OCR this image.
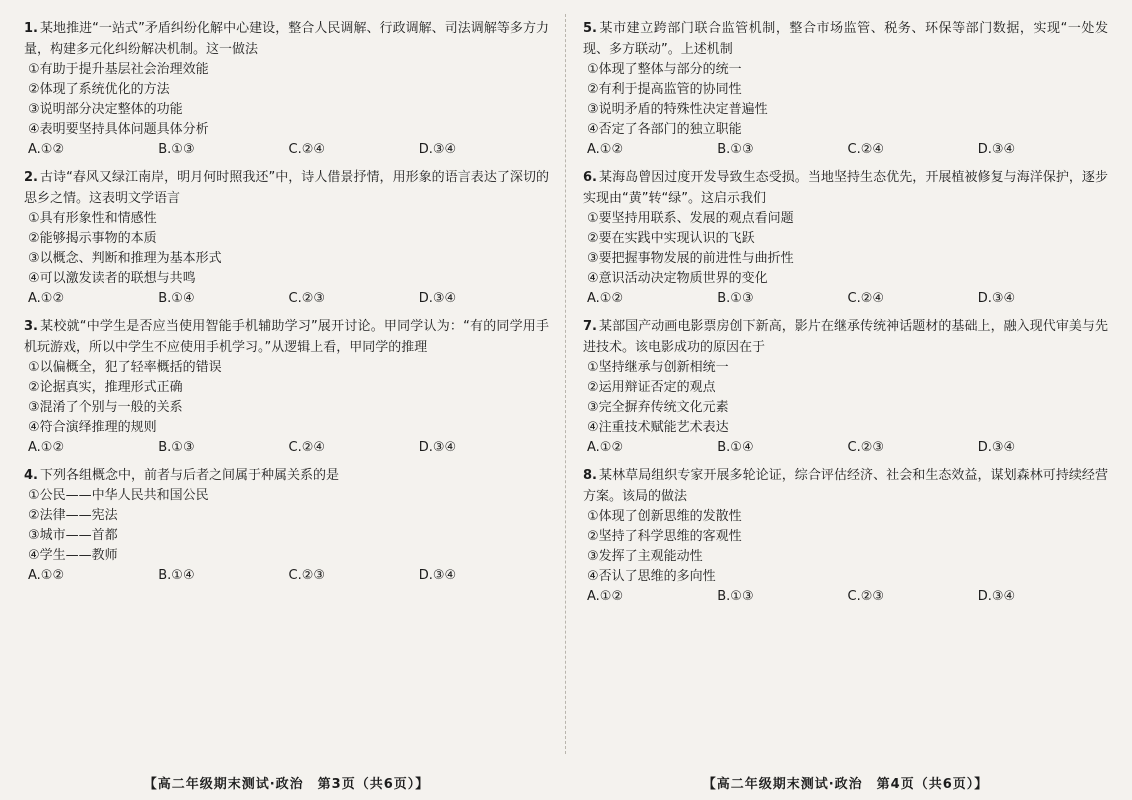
1. 某地推进“一站式”矛盾纠纷化解中心建设，整合人民调解、行政调解、司法调解等多方力量，构建多元化纠纷解决机制。这一做法
①有助于提升基层社会治理效能
②体现了系统优化的方法
③说明部分决定整体的功能
④表明要坚持具体问题具体分析
A.①②	B.①③	C.②④	D.③④
2. 古诗“春风又绿江南岸，明月何时照我还”中，诗人借景抒情，用形象的语言表达了深切的思乡之情。这表明文学语言
①具有形象性和情感性
②能够揭示事物的本质
③以概念、判断和推理为基本形式
④可以激发读者的联想与共鸣
A.①②	B.①④	C.②③	D.③④
3. 某校就“中学生是否应当使用智能手机辅助学习”展开讨论。甲同学认为：“有的同学用手机玩游戏，所以中学生不应使用手机学习。”从逻辑上看，甲同学的推理
①以偏概全，犯了轻率概括的错误
②论据真实，推理形式正确
③混淆了个别与一般的关系
④符合演绎推理的规则
A.①②	B.①③	C.②④	D.③④
4. 下列各组概念中，前者与后者之间属于种属关系的是
①公民——中华人民共和国公民
②法律——宪法
③城市——首都
④学生——教师
A.①②	B.①④	C.②③	D.③④
【高二年级期末测试·政治　第3页（共6页）】
5. 某市建立跨部门联合监管机制，整合市场监管、税务、环保等部门数据，实现“一处发现、多方联动”。上述机制
①体现了整体与部分的统一
②有利于提高监管的协同性
③说明矛盾的特殊性决定普遍性
④否定了各部门的独立职能
A.①②	B.①③	C.②④	D.③④
6. 某海岛曾因过度开发导致生态受损。当地坚持生态优先，开展植被修复与海洋保护，逐步实现由“黄”转“绿”。这启示我们
①要坚持用联系、发展的观点看问题
②要在实践中实现认识的飞跃
③要把握事物发展的前进性与曲折性
④意识活动决定物质世界的变化
A.①②	B.①③	C.②④	D.③④
7. 某部国产动画电影票房创下新高，影片在继承传统神话题材的基础上，融入现代审美与先进技术。该电影成功的原因在于
①坚持继承与创新相统一
②运用辩证否定的观点
③完全摒弃传统文化元素
④注重技术赋能艺术表达
A.①②	B.①④	C.②③	D.③④
8. 某林草局组织专家开展多轮论证，综合评估经济、社会和生态效益，谋划森林可持续经营方案。该局的做法
①体现了创新思维的发散性
②坚持了科学思维的客观性
③发挥了主观能动性
④否认了思维的多向性
A.①②	B.①③	C.②③	D.③④
【高二年级期末测试·政治　第4页（共6页）】
